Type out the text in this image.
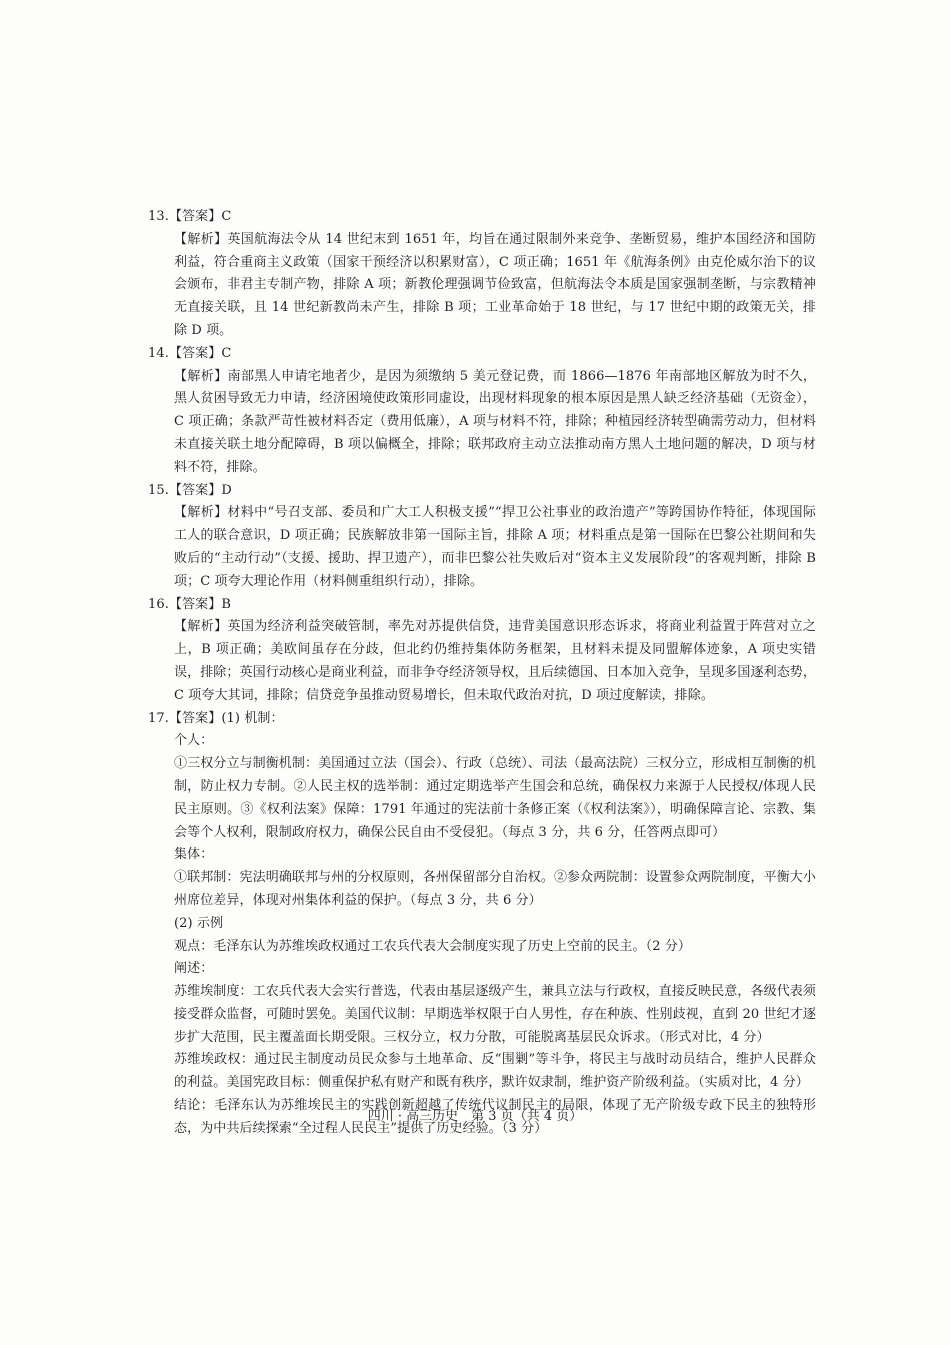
13.【答案】C

【解析】英国航海法令从 14 世纪末到 1651 年，均旨在通过限制外来竞争、垄断贸易，维护本国经济和国防利益，符合重商主义政策（国家干预经济以积累财富），C 项正确；1651 年《航海条例》由克伦威尔治下的议会颁布，非君主专制产物，排除 A 项；新教伦理强调节俭致富，但航海法令本质是国家强制垄断，与宗教精神无直接关联，且 14 世纪新教尚未产生，排除 B 项；工业革命始于 18 世纪，与 17 世纪中期的政策无关，排除 D 项。

14.【答案】C

【解析】南部黑人申请宅地者少，是因为须缴纳 5 美元登记费，而 1866—1876 年南部地区解放为时不久，黑人贫困导致无力申请，经济困境使政策形同虚设，出现材料现象的根本原因是黑人缺乏经济基础（无资金），C 项正确；条款严苛性被材料否定（费用低廉），A 项与材料不符，排除；种植园经济转型确需劳动力，但材料未直接关联土地分配障碍，B 项以偏概全，排除；联邦政府主动立法推动南方黑人土地问题的解决，D 项与材料不符，排除。

15.【答案】D

【解析】材料中“号召支部、委员和广大工人积极支援”“捍卫公社事业的政治遗产”等跨国协作特征，体现国际工人的联合意识，D 项正确；民族解放非第一国际主旨，排除 A 项；材料重点是第一国际在巴黎公社期间和失败后的“主动行动”（支援、援助、捍卫遗产），而非巴黎公社失败后对“资本主义发展阶段”的客观判断，排除 B 项；C 项夸大理论作用（材料侧重组织行动），排除。

16.【答案】B

【解析】英国为经济利益突破管制，率先对苏提供信贷，违背美国意识形态诉求，将商业利益置于阵营对立之上，B 项正确；美欧间虽存在分歧，但北约仍维持集体防务框架，且材料未提及同盟解体迹象，A 项史实错误，排除；英国行动核心是商业利益，而非争夺经济领导权，且后续德国、日本加入竞争，呈现多国逐利态势，C 项夸大其词，排除；信贷竞争虽推动贸易增长，但未取代政治对抗，D 项过度解读，排除。

17.【答案】(1) 机制：

个人：

①三权分立与制衡机制：美国通过立法（国会）、行政（总统）、司法（最高法院）三权分立，形成相互制衡的机制，防止权力专制。②人民主权的选举制：通过定期选举产生国会和总统，确保权力来源于人民授权/体现人民民主原则。③《权利法案》保障：1791 年通过的宪法前十条修正案（《权利法案》），明确保障言论、宗教、集会等个人权利，限制政府权力，确保公民自由不受侵犯。（每点 3 分，共 6 分，任答两点即可）

集体：

①联邦制：宪法明确联邦与州的分权原则，各州保留部分自治权。②参众两院制：设置参众两院制度，平衡大小州席位差异，体现对州集体利益的保护。（每点 3 分，共 6 分）

(2) 示例

观点：毛泽东认为苏维埃政权通过工农兵代表大会制度实现了历史上空前的民主。（2 分）

阐述：

苏维埃制度：工农兵代表大会实行普选，代表由基层逐级产生，兼具立法与行政权，直接反映民意，各级代表须接受群众监督，可随时罢免。美国代议制：早期选举权限于白人男性，存在种族、性别歧视，直到 20 世纪才逐步扩大范围，民主覆盖面长期受限。三权分立，权力分散，可能脱离基层民众诉求。（形式对比，4 分）

苏维埃政权：通过民主制度动员民众参与土地革命、反“围剿”等斗争，将民主与战时动员结合，维护人民群众的利益。美国宪政目标：侧重保护私有财产和既有秩序，默许奴隶制，维护资产阶级利益。（实质对比，4 分）

结论：毛泽东认为苏维埃民主的实践创新超越了传统代议制民主的局限，体现了无产阶级专政下民主的独特形态，为中共后续探索“全过程人民民主”提供了历史经验。（3 分）

四川 · 高三历史　第 3 页（共 4 页）
